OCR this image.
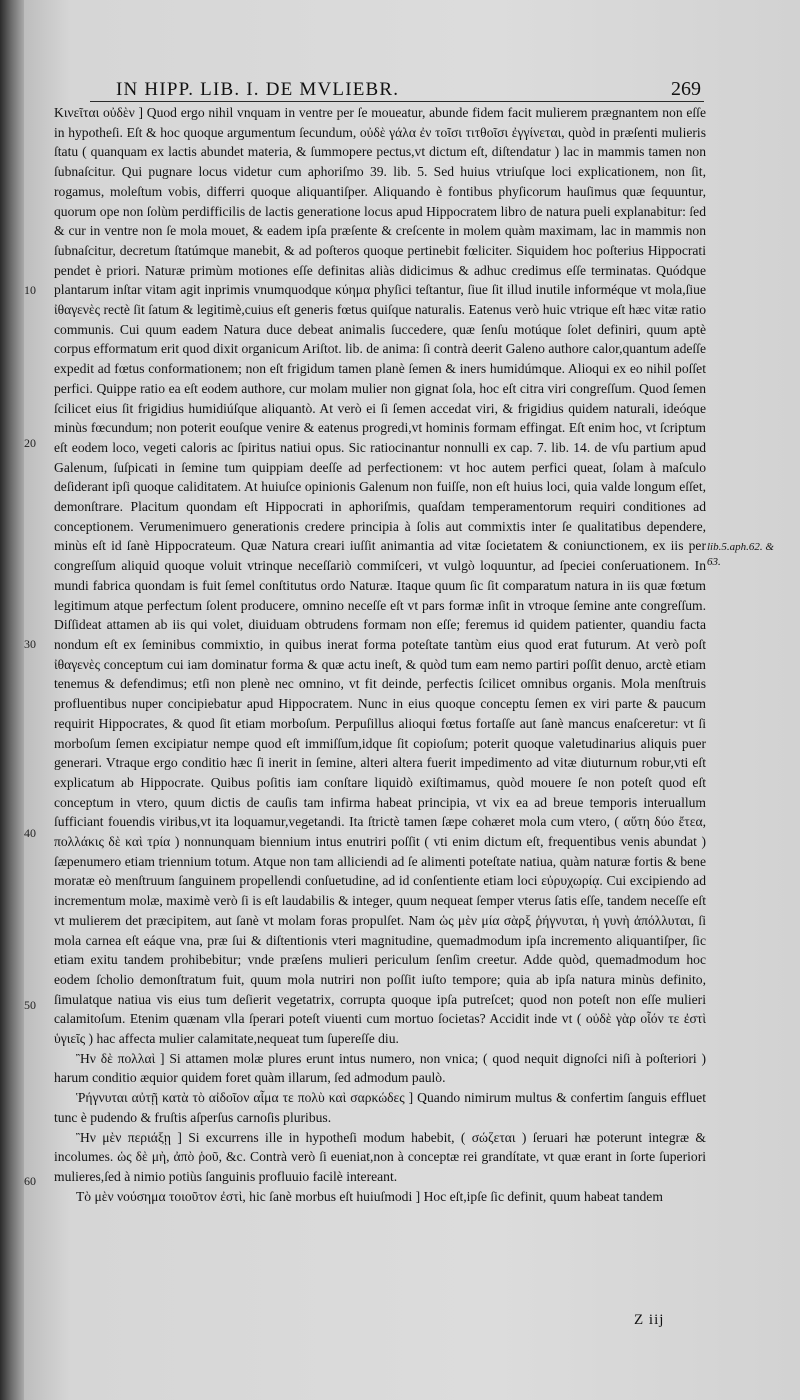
IN HIPP. LIB. I. DE MVLIEBR.	269

Κινεῖται οὐδὲν ] Quod ergo nihil vnquam in ventre per ſe moueatur, abunde fidem facit mulierem prægnantem non eſſe in hypotheſi. Eſt & hoc quoque argumentum ſecundum, οὐδὲ γάλα ἐν τοῖσι τιτθοῖσι ἐγγίνεται, quòd in præſenti mulieris ſtatu ( quanquam ex lactis abundet materia, & ſummopere pectus,vt dictum eſt, diſtendatur ) lac in mammis tamen non ſubnaſcitur. Qui pugnare locus videtur cum aphoriſmo 39. lib. 5. Sed huius vtriuſque loci explicationem, non ſit, rogamus, moleſtum vobis, differri quoque aliquantiſper. Aliquando è fontibus phyſicorum hauſimus quæ ſequuntur, quorum ope non ſolùm perdifficilis de lactis generatione locus apud Hippocratem libro de natura pueli explanabitur: ſed & cur in ventre non ſe mola mouet, & eadem ipſa præſente & creſcente in molem quàm maximam, lac in mammis non ſubnaſcitur, decretum ſtatúmque manebit, & ad poſteros quoque pertinebit fœliciter. Siquidem hoc poſterius Hippocrati pendet è priori. Naturæ primùm motiones eſſe definitas aliàs didicimus & adhuc credimus eſſe terminatas. Quódque plantarum inſtar vitam agit inprimis vnumquodque κύημα phyſici teſtantur, ſiue ſit illud inutile informéque vt mola,ſiue ἰθαγενὲς rectè ſit ſatum & legitimè,cuius eſt generis fœtus quiſque naturalis. Eatenus verò huic vtrique eſt hæc vitæ ratio communis. Cui quum eadem Natura duce debeat animalis ſuccedere, quæ ſenſu motúque ſolet definiri, quum aptè corpus efformatum erit quod dixit organicum Ariſtot. lib. de anima: ſi contrà deerit Galeno authore calor,quantum adeſſe expedit ad fœtus conformationem; non eſt frigidum tamen planè ſemen & iners humidúmque. Alioqui ex eo nihil poſſet perfici. Quippe ratio ea eſt eodem authore, cur molam mulier non gignat ſola, hoc eſt citra viri congreſſum. Quod ſemen ſcilicet eius ſit frigidius humidiúſque aliquantò. At verò ei ſi ſemen accedat viri, & frigidius quidem naturali, ideóque minùs fœcundum; non poterit eouſque venire & eatenus progredi,vt hominis formam effingat. Eſt enim hoc, vt ſcriptum eſt eodem loco, vegeti caloris ac ſpiritus natiui opus. Sic ratiocinantur nonnulli ex cap. 7. lib. 14. de vſu partium apud Galenum, ſuſpicati in ſemine tum quippiam deeſſe ad perfectionem: vt hoc autem perfici queat, ſolam à maſculo deſiderant ipſi quoque caliditatem. At huiuſce opinionis Galenum non fuiſſe, non eſt huius loci, quia valde longum eſſet, demonſtrare. Placitum quondam eſt Hippocrati in aphoriſmis, quaſdam temperamentorum requiri conditiones ad conceptionem. Verumenimuero generationis credere principia à ſolis aut commixtis inter ſe qualitatibus dependere, minùs eſt id ſanè Hippocrateum. Quæ Natura creari iuſſit animantia ad vitæ ſocietatem & coniunctionem, ex iis per congreſſum aliquid quoque voluit vtrinque neceſſariò commiſceri, vt vulgò loquuntur, ad ſpeciei conſeruationem. In mundi fabrica quondam is fuit ſemel conſtitutus ordo Naturæ. Itaque quum ſic ſit comparatum natura in iis quæ fœtum legitimum atque perfectum ſolent producere, omnino neceſſe eſt vt pars formæ inſit in vtroque ſemine ante congreſſum. Diſſideat attamen ab iis qui volet, diuiduam obtrudens formam non eſſe; feremus id quidem patienter, quandiu facta nondum eſt ex ſeminibus commixtio, in quibus inerat forma poteſtate tantùm eius quod erat futurum. At verò poſt ἰθαγενὲς conceptum cui iam dominatur forma & quæ actu ineſt, & quòd tum eam nemo partiri poſſit denuo, arctè etiam tenemus & defendimus; etſi non plenè nec omnino, vt fit deinde, perfectis ſcilicet omnibus organis. Mola menſtruis profluentibus nuper concipiebatur apud Hippocratem. Nunc in eius quoque conceptu ſemen ex viri parte & paucum requirit Hippocrates, & quod ſit etiam morboſum. Perpuſillus alioqui fœtus fortaſſe aut ſanè mancus enaſceretur: vt ſi morboſum ſemen excipiatur nempe quod eſt immiſſum,idque ſit copioſum; poterit quoque valetudinarius aliquis puer generari. Vtraque ergo conditio hæc ſi inerit in ſemine, alteri altera fuerit impedimento ad vitæ diuturnum robur,vti eſt explicatum ab Hippocrate. Quibus poſitis iam conſtare liquidò exiſtimamus, quòd mouere ſe non poteſt quod eſt conceptum in vtero, quum dictis de cauſis tam infirma habeat principia, vt vix ea ad breue temporis interuallum ſufficiant fouendis viribus,vt ita loquamur,vegetandi. Ita ſtrictè tamen ſæpe cohæret mola cum vtero, ( αὕτη δύο ἔτεα, πολλάκις δὲ καὶ τρία ) nonnunquam biennium intus enutriri poſſit ( vti enim dictum eſt, frequentibus venis abundat ) ſæpenumero etiam triennium totum. Atque non tam alliciendi ad ſe alimenti poteſtate natiua, quàm naturæ fortis & bene moratæ eò menſtruum ſanguinem propellendi conſuetudine, ad id conſentiente etiam loci εὐρυχωρίᾳ. Cui excipiendo ad incrementum molæ, maximè verò ſi is eſt laudabilis & integer, quum nequeat ſemper vterus ſatis eſſe, tandem neceſſe eſt vt mulierem det præcipitem, aut ſanè vt molam foras propulſet. Nam ὡς μὲν μία σὰρξ ῥήγνυται, ἡ γυνὴ ἀπόλλυται, ſi mola carnea eſt eáque vna, præ ſui & diſtentionis vteri magnitudine, quemadmodum ipſa incremento aliquantiſper, ſic etiam exitu tandem prohibebitur; vnde præſens mulieri periculum ſenſim creetur. Adde quòd, quemadmodum hoc eodem ſcholio demonſtratum fuit, quum mola nutriri non poſſit iuſto tempore; quia ab ipſa natura minùs definito, ſimulatque natiua vis eius tum deſierit vegetatrix, corrupta quoque ipſa putreſcet; quod non poteſt non eſſe mulieri calamitoſum. Etenim quænam vlla ſperari poteſt viuenti cum mortuo ſocietas? Accidit inde vt ( οὐδὲ γὰρ οἷόν τε ἐστὶ ὑγιεῖς ) hac affecta mulier calamitate,nequeat tum ſupereſſe diu.

Ἢν δὲ πολλαὶ ] Si attamen molæ plures erunt intus numero, non vnica; ( quod nequit dignoſci niſi à poſteriori ) harum conditio æquior quidem foret quàm illarum, ſed admodum paulò.

Ῥήγνυται αὐτῇ κατὰ τὸ αἰδοῖον αἷμα τε πολὺ καὶ σαρκώδες ] Quando nimirum multus & confertim ſanguis effluet tunc è pudendo & fruſtis aſperſus carnoſis pluribus.

Ἢν μὲν περιάξῃ ] Si excurrens ille in hypotheſi modum habebit, ( σώζεται ) ſeruari hæ poterunt integræ & incolumes. ὡς δὲ μὴ, ἀπὸ ῥοῦ, &c. Contrà verò ſi eueniat,non à conceptæ rei grandítate, vt quæ erant in ſorte ſuperiori mulieres,ſed à nimio potiùs ſanguinis profluuio facilè intereant.

Τὸ μὲν νούσημα τοιοῦτον ἐστὶ, hic ſanè morbus eſt huiuſmodi ] Hoc eſt,ipſe ſic definit, quum habeat tandem

10
20
30
40
50
60
lib.5.aph.62. & 63.
Z iij
